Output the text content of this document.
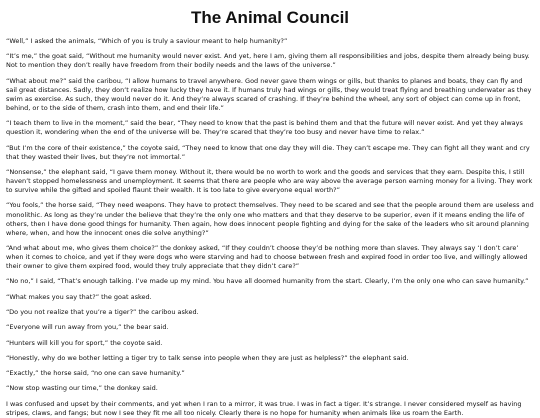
The Animal Council

“Well,” I asked the animals, “Which of you is truly a saviour meant to help humanity?”

“It’s me,” the goat said, “Without me humanity would never exist. And yet, here I am, giving them all responsibilities and jobs, despite them already being busy. Not to mention they don’t really have freedom from their bodily needs and the laws of the universe.”

“What about me?” said the caribou, “I allow humans to travel anywhere. God never gave them wings or gills, but thanks to planes and boats, they can fly and sail great distances. Sadly, they don’t realize how lucky they have it. If humans truly had wings or gills, they would treat flying and breathing underwater as they swim as exercise. As such, they would never do it. And they’re always scared of crashing. If they’re behind the wheel, any sort of object can come up in front, behind, or to the side of them, crash into them, and end their life.”

“I teach them to live in the moment,” said the bear, “They need to know that the past is behind them and that the future will never exist. And yet they always question it, wondering when the end of the universe will be. They’re scared that they’re too busy and never have time to relax.”

“But I’m the core of their existence,” the coyote said, “They need to know that one day they will die. They can’t escape me. They can fight all they want and cry that they wasted their lives, but they’re not immortal.”

“Nonsense,” the elephant said, “I gave them money. Without it, there would be no worth to work and the goods and services that they earn. Despite this, I still haven’t stopped homelessness and unemployment. It seems that there are people who are way above the average person earning money for a living. They work to survive while the gifted and spoiled flaunt their wealth. It is too late to give everyone equal worth?”

“You fools,” the horse said, “They need weapons. They have to protect themselves. They need to be scared and see that the people around them are useless and monolithic. As long as they’re under the believe that they’re the only one who matters and that they deserve to be superior, even if it means ending the life of others, then I have done good things for humanity. Then again, how does innocent people fighting and dying for the sake of the leaders who sit around planning where, when, and how the innocent ones die solve anything?”

“And what about me, who gives them choice?” the donkey asked, “If they couldn’t choose they’d be nothing more than slaves. They always say ‘I don’t care’ when it comes to choice, and yet if they were dogs who were starving and had to choose between fresh and expired food in order too live, and willingly allowed their owner to give them expired food, would they truly appreciate that they didn’t care?”

“No no,” I said, “That’s enough talking. I’ve made up my mind. You have all doomed humanity from the start. Clearly, I’m the only one who can save humanity.”

“What makes you say that?” the goat asked.

“Do you not realize that you’re a tiger?” the caribou asked.

“Everyone will run away from you,” the bear said.

“Hunters will kill you for sport,” the coyote said.

“Honestly, why do we bother letting a tiger try to talk sense into people when they are just as helpless?” the elephant said.

“Exactly,” the horse said, “no one can save humanity.”

“Now stop wasting our time,” the donkey said.

I was confused and upset by their comments, and yet when I ran to a mirror, it was true. I was in fact a tiger. It’s strange. I never considered myself as having stripes, claws, and fangs; but now I see they fit me all too nicely. Clearly there is no hope for humanity when animals like us roam the Earth.
